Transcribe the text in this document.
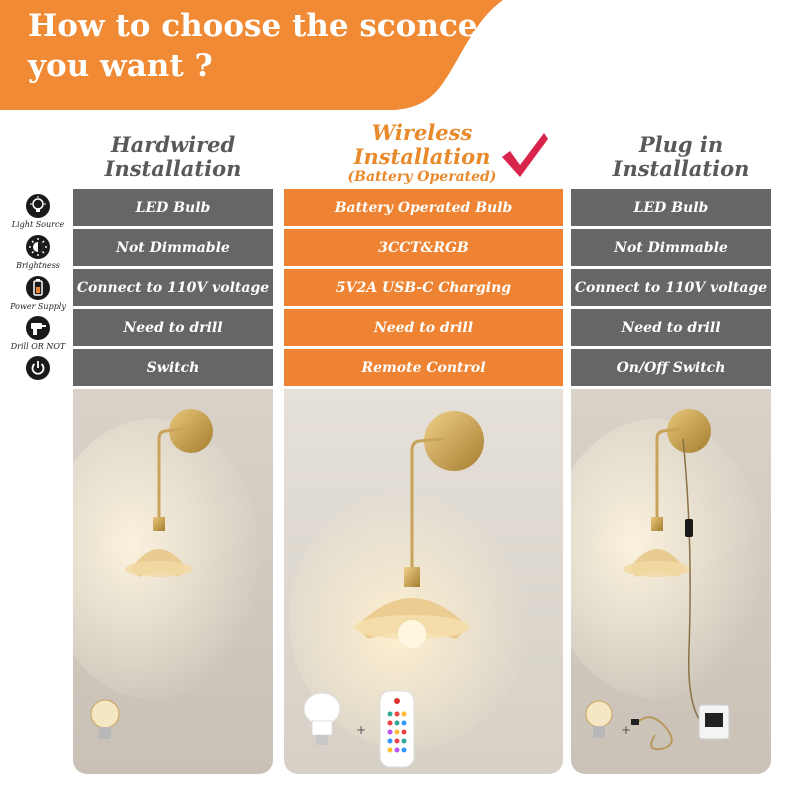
How to choose the sconce
you want ?
Hardwired
Installation
Wireless
Installation
(Battery Operated)
Plug in
Installation
Light Source
Brightness
Power Supply
Drill OR NOT
LED Bulb
Not Dimmable
Connect to 110V voltage
Need to drill
Switch
Battery Operated Bulb
3CCT&RGB
5V2A USB-C Charging
Need to drill
Remote Control
LED Bulb
Not Dimmable
Connect to 110V voltage
Need to drill
On/Off Switch
+	+
